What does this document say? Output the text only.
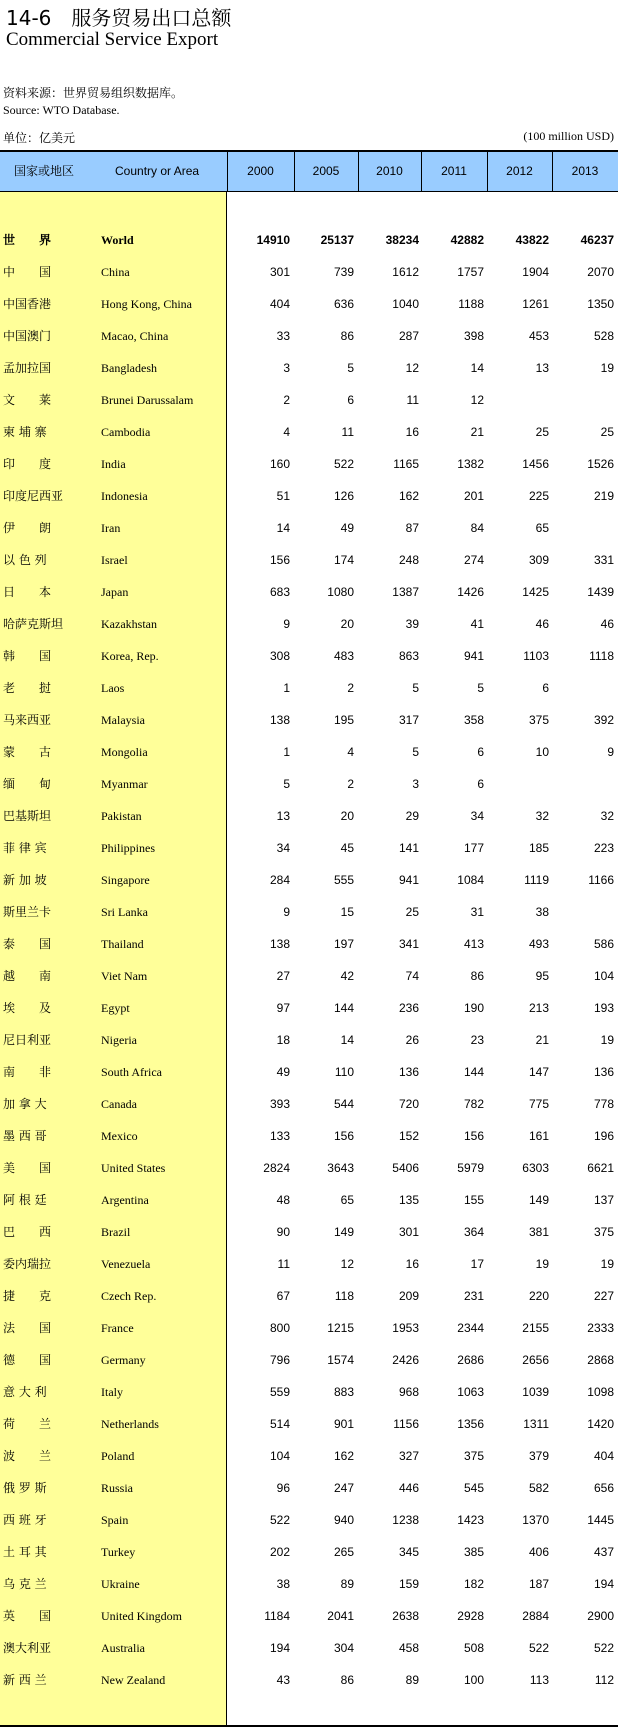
14-6　服务贸易出口总额
Commercial Service Export
资料来源：世界贸易组织数据库。
Source: WTO Database.
单位：亿美元	(100 million USD)
国家或地区	Country or Area	2000	2005	2010	2011	2012	2013
世　　界	World	14910	25137	38234	42882	43822	46237
中　　国	China	301	739	1612	1757	1904	2070
中国香港	Hong Kong, China	404	636	1040	1188	1261	1350
中国澳门	Macao, China	33	86	287	398	453	528
孟加拉国	Bangladesh	3	5	12	14	13	19
文　　莱	Brunei Darussalam	2	6	11	12
柬 埔 寨	Cambodia	4	11	16	21	25	25
印　　度	India	160	522	1165	1382	1456	1526
印度尼西亚	Indonesia	51	126	162	201	225	219
伊　　朗	Iran	14	49	87	84	65
以 色 列	Israel	156	174	248	274	309	331
日　　本	Japan	683	1080	1387	1426	1425	1439
哈萨克斯坦	Kazakhstan	9	20	39	41	46	46
韩　　国	Korea, Rep.	308	483	863	941	1103	1118
老　　挝	Laos	1	2	5	5	6
马来西亚	Malaysia	138	195	317	358	375	392
蒙　　古	Mongolia	1	4	5	6	10	9
缅　　甸	Myanmar	5	2	3	6
巴基斯坦	Pakistan	13	20	29	34	32	32
菲 律 宾	Philippines	34	45	141	177	185	223
新 加 坡	Singapore	284	555	941	1084	1119	1166
斯里兰卡	Sri Lanka	9	15	25	31	38
泰　　国	Thailand	138	197	341	413	493	586
越　　南	Viet Nam	27	42	74	86	95	104
埃　　及	Egypt	97	144	236	190	213	193
尼日利亚	Nigeria	18	14	26	23	21	19
南　　非	South Africa	49	110	136	144	147	136
加 拿 大	Canada	393	544	720	782	775	778
墨 西 哥	Mexico	133	156	152	156	161	196
美　　国	United States	2824	3643	5406	5979	6303	6621
阿 根 廷	Argentina	48	65	135	155	149	137
巴　　西	Brazil	90	149	301	364	381	375
委内瑞拉	Venezuela	11	12	16	17	19	19
捷　　克	Czech Rep.	67	118	209	231	220	227
法　　国	France	800	1215	1953	2344	2155	2333
德　　国	Germany	796	1574	2426	2686	2656	2868
意 大 利	Italy	559	883	968	1063	1039	1098
荷　　兰	Netherlands	514	901	1156	1356	1311	1420
波　　兰	Poland	104	162	327	375	379	404
俄 罗 斯	Russia	96	247	446	545	582	656
西 班 牙	Spain	522	940	1238	1423	1370	1445
土 耳 其	Turkey	202	265	345	385	406	437
乌 克 兰	Ukraine	38	89	159	182	187	194
英　　国	United Kingdom	1184	2041	2638	2928	2884	2900
澳大利亚	Australia	194	304	458	508	522	522
新 西 兰	New Zealand	43	86	89	100	113	112
